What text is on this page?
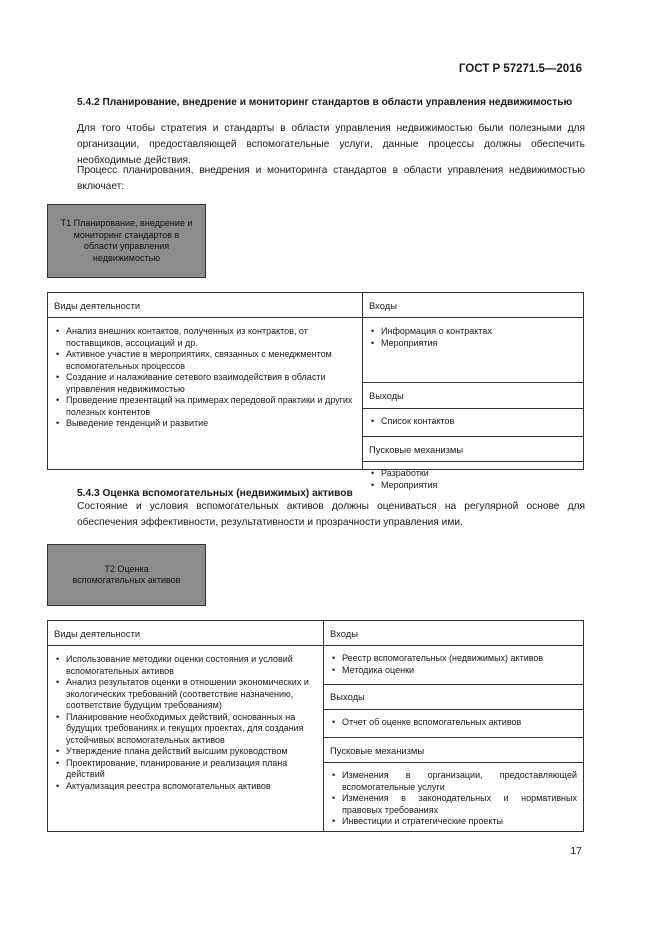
ГОСТ Р 57271.5—2016
5.4.2 Планирование, внедрение и мониторинг стандартов в области управления недвижимостью
Для того чтобы стратегия и стандарты в области управления недвижимостью были полезными для организации, предоставляющей вспомогательные услуги, данные процессы должны обеспечить необходимые действия.
Процесс планирования, внедрения и мониторинга стандартов в области управления недвижимостью включает:
Т1 Планирование, внедрение и мониторинг стандартов в области управления недвижимостью
Виды деятельности
• Анализ внешних контактов, полученных из контрактов, от поставщиков, ассоциаций и др.
• Активное участие в мероприятиях, связанных с менеджментом вспомогательных процессов
• Создание и налаживание сетевого взаимодействия в области управления недвижимостью
• Проведение презентаций на примерах передовой практики и других полезных контентов
• Выведение тенденций и развитие
Входы
• Информация о контрактах
• Мероприятия
Выходы
• Список контактов
Пусковые механизмы
• Разработки
• Мероприятия
5.4.3 Оценка вспомогательных (недвижимых) активов
Состояние и условия вспомогательных активов должны оцениваться на регулярной основе для обеспечения эффективности, результативности и прозрачности управления ими.
Т2 Оценка вспомогательных активов
Виды деятельности
• Использование методики оценки состояния и условий вспомогательных активов
• Анализ результатов оценки в отношении экономических и экологических требований (соответствие назначению, соответствие будущим требованиям)
• Планирование необходимых действий, основанных на будущих требованиях и текущих проектах, для создания устойчивых вспомогательных активов
• Утверждение плана действий высшим руководством
• Проектирование, планирование и реализация плана действий
• Актуализация реестра вспомогательных активов
Входы
• Реестр вспомогательных (недвижимых) активов
• Методика оценки
Выходы
• Отчет об оценке вспомогательных активов
Пусковые механизмы
• Изменения в организации, предоставляющей вспомогательные услуги
• Изменения в законодательных и нормативных правовых требованиях
• Инвестиции и стратегические проекты
17
